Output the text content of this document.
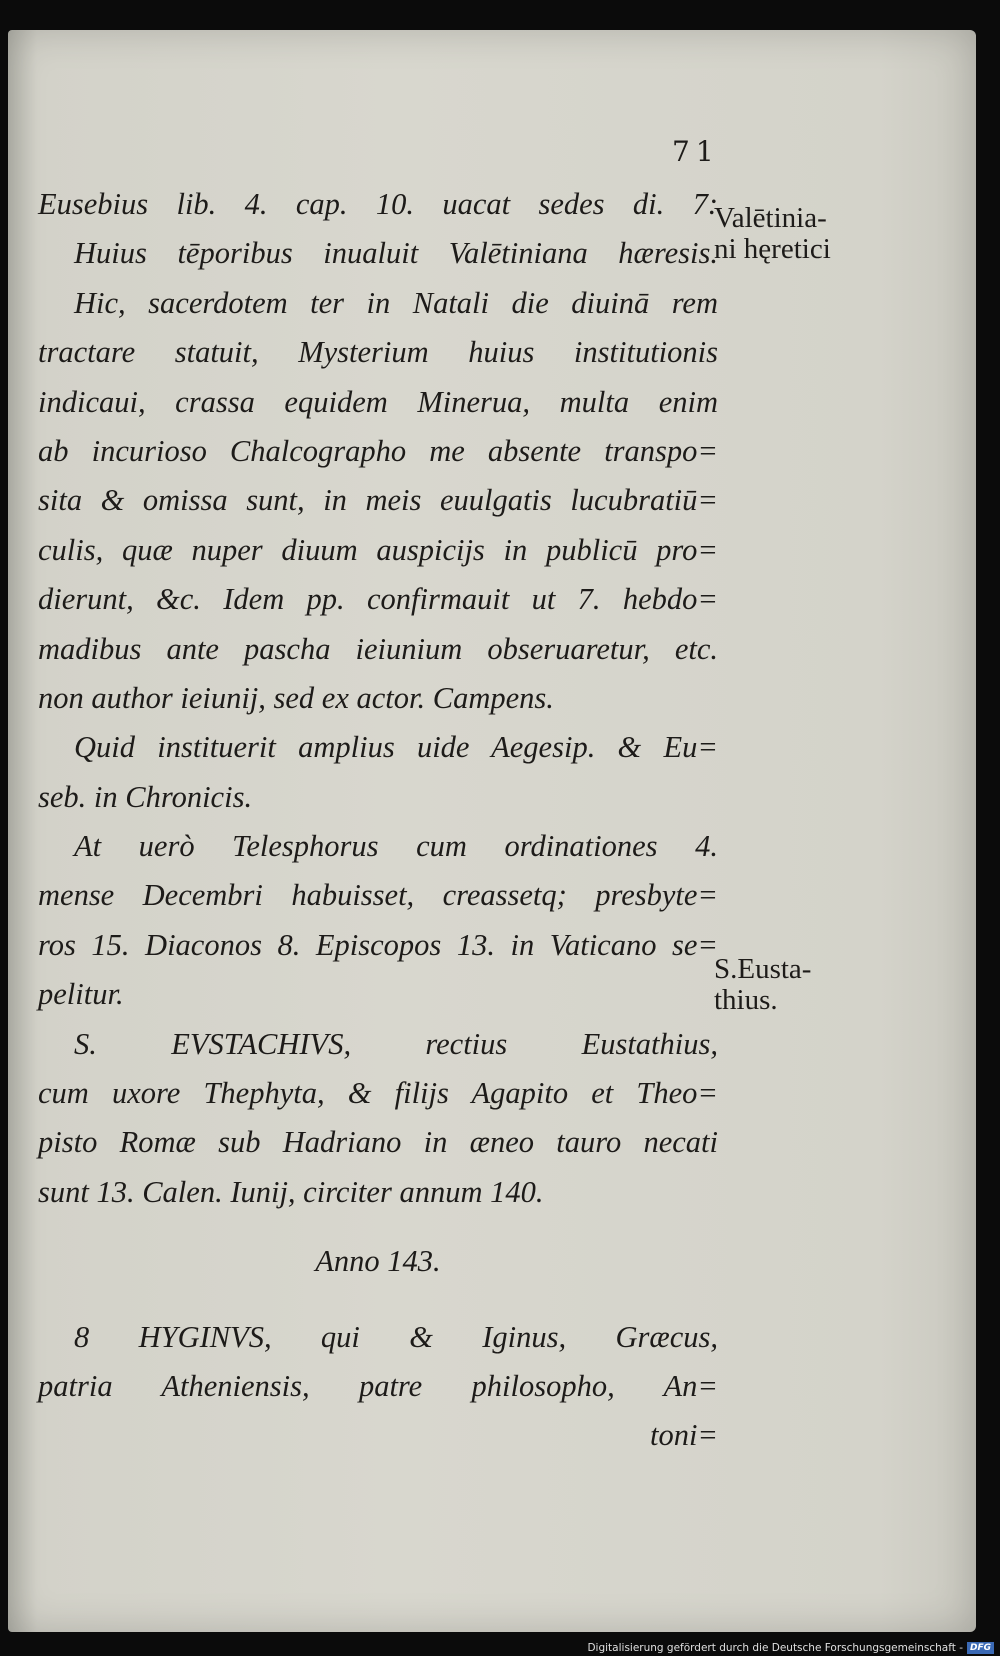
71
Eusebius lib. 4. cap. 10. uacat sedes di. 7:
Huius tēporibus inualuit Valētiniana hæresis.
Hic, sacerdotem ter in Natali die diuinā rem
tractare statuit, Mysterium huius institutionis
indicaui, crassa equidem Minerua, multa enim
ab incurioso Chalcographo me absente transpo=
sita & omissa sunt, in meis euulgatis lucubratiū=
culis, quæ nuper diuum auspicijs in publicū pro=
dierunt, &c. Idem pp. confirmauit ut 7. hebdo=
madibus ante pascha ieiunium obseruaretur, etc.
non author ieiunij, sed ex actor. Campens.
Quid instituerit amplius uide Aegesip. & Eu=
seb. in Chronicis.
At uerò Telesphorus cum ordinationes 4.
mense Decembri habuisset, creassetq; presbyte=
ros 15. Diaconos 8. Episcopos 13. in Vaticano se=
pelitur.
S. EVSTACHIVS, rectius Eustathius,
cum uxore Thephyta, & filijs Agapito et Theo=
pisto Romæ sub Hadriano in æneo tauro necati
sunt 13. Calen. Iunij, circiter annum 140.
Anno 143.
8 HYGINVS, qui & Iginus, Græcus,
patria Atheniensis, patre philosopho, An=
toni=
Valētinia-
ni hęretici
S.Eusta-
thius.
Digitalisierung gefördert durch die Deutsche Forschungsgemeinschaft - DFG
